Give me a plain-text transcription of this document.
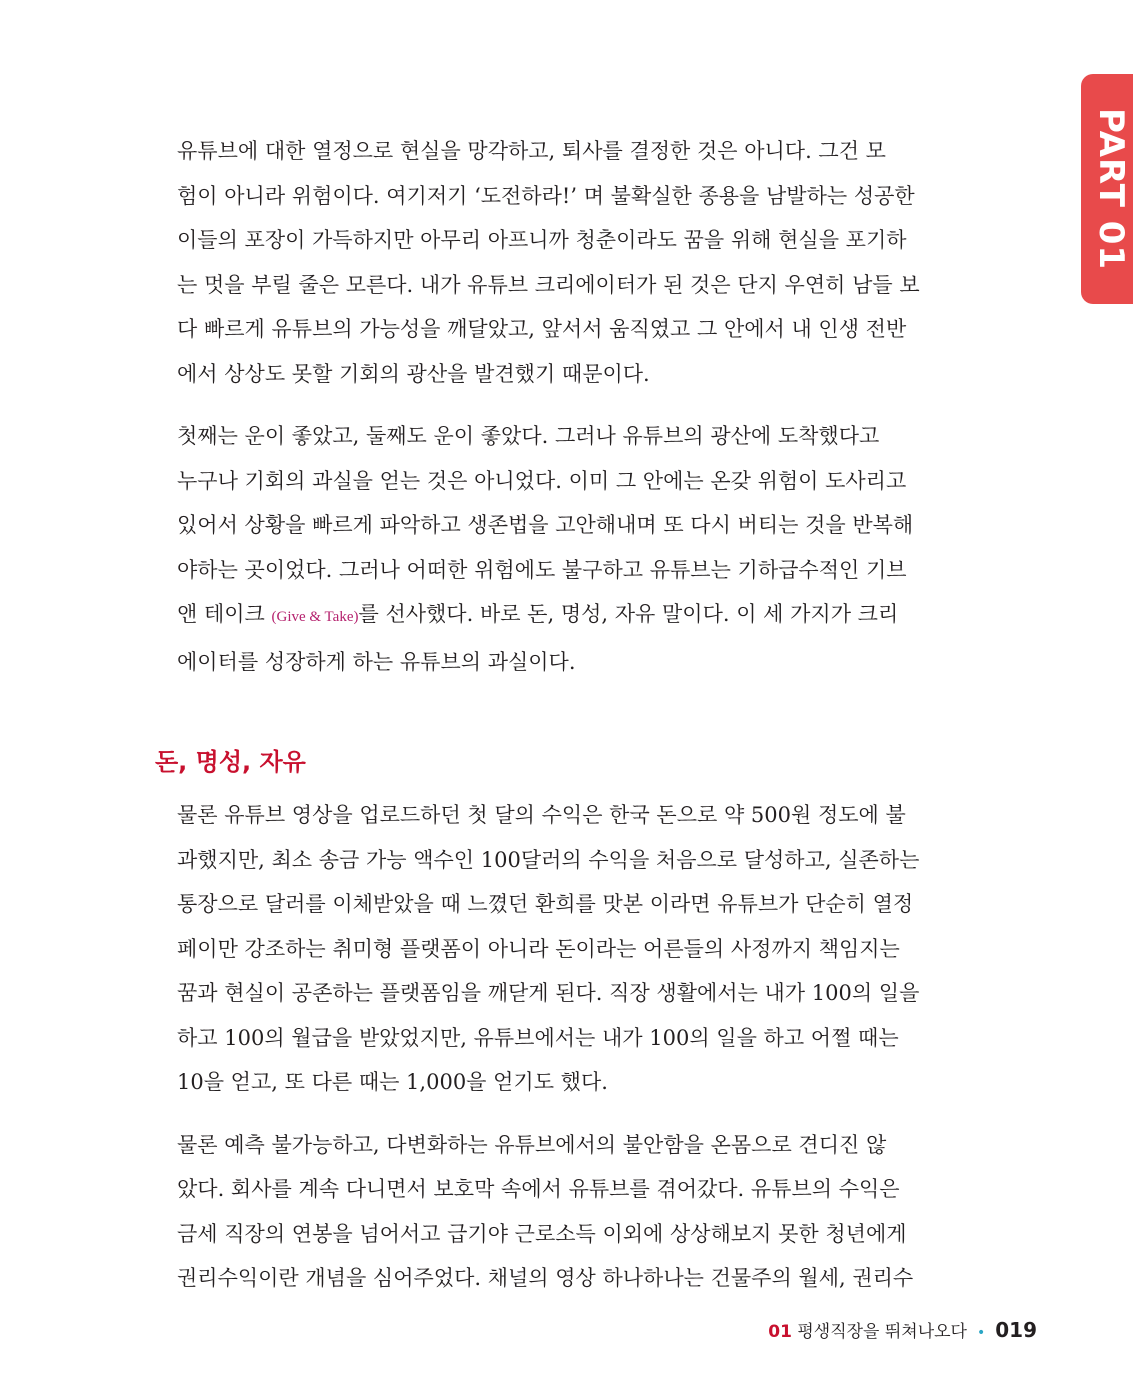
PART 01

유튜브에 대한 열정으로 현실을 망각하고, 퇴사를 결정한 것은 아니다. 그건 모
험이 아니라 위험이다. 여기저기 ‘도전하라!’ 며 불확실한 종용을 남발하는 성공한
이들의 포장이 가득하지만 아무리 아프니까 청춘이라도 꿈을 위해 현실을 포기하
는 멋을 부릴 줄은 모른다. 내가 유튜브 크리에이터가 된 것은 단지 우연히 남들 보
다 빠르게 유튜브의 가능성을 깨달았고, 앞서서 움직였고 그 안에서 내 인생 전반
에서 상상도 못할 기회의 광산을 발견했기 때문이다.

첫째는 운이 좋았고, 둘째도 운이 좋았다. 그러나 유튜브의 광산에 도착했다고
누구나 기회의 과실을 얻는 것은 아니었다. 이미 그 안에는 온갖 위험이 도사리고
있어서 상황을 빠르게 파악하고 생존법을 고안해내며 또 다시 버티는 것을 반복해
야하는 곳이었다. 그러나 어떠한 위험에도 불구하고 유튜브는 기하급수적인 기브
앤 테이크 (Give & Take)를 선사했다. 바로 돈, 명성, 자유 말이다. 이 세 가지가 크리
에이터를 성장하게 하는 유튜브의 과실이다.

돈, 명성, 자유

물론 유튜브 영상을 업로드하던 첫 달의 수익은 한국 돈으로 약 500원 정도에 불
과했지만, 최소 송금 가능 액수인 100달러의 수익을 처음으로 달성하고, 실존하는
통장으로 달러를 이체받았을 때 느꼈던 환희를 맛본 이라면 유튜브가 단순히 열정
페이만 강조하는 취미형 플랫폼이 아니라 돈이라는 어른들의 사정까지 책임지는
꿈과 현실이 공존하는 플랫폼임을 깨닫게 된다. 직장 생활에서는 내가 100의 일을
하고 100의 월급을 받았었지만, 유튜브에서는 내가 100의 일을 하고 어쩔 때는
10을 얻고, 또 다른 때는 1,000을 얻기도 했다.

물론 예측 불가능하고, 다변화하는 유튜브에서의 불안함을 온몸으로 견디진 않
았다. 회사를 계속 다니면서 보호막 속에서 유튜브를 겪어갔다. 유튜브의 수익은
금세 직장의 연봉을 넘어서고 급기야 근로소득 이외에 상상해보지 못한 청년에게
권리수익이란 개념을 심어주었다. 채널의 영상 하나하나는 건물주의 월세, 권리수

01 평생직장을 뛰쳐나오다 • 019
